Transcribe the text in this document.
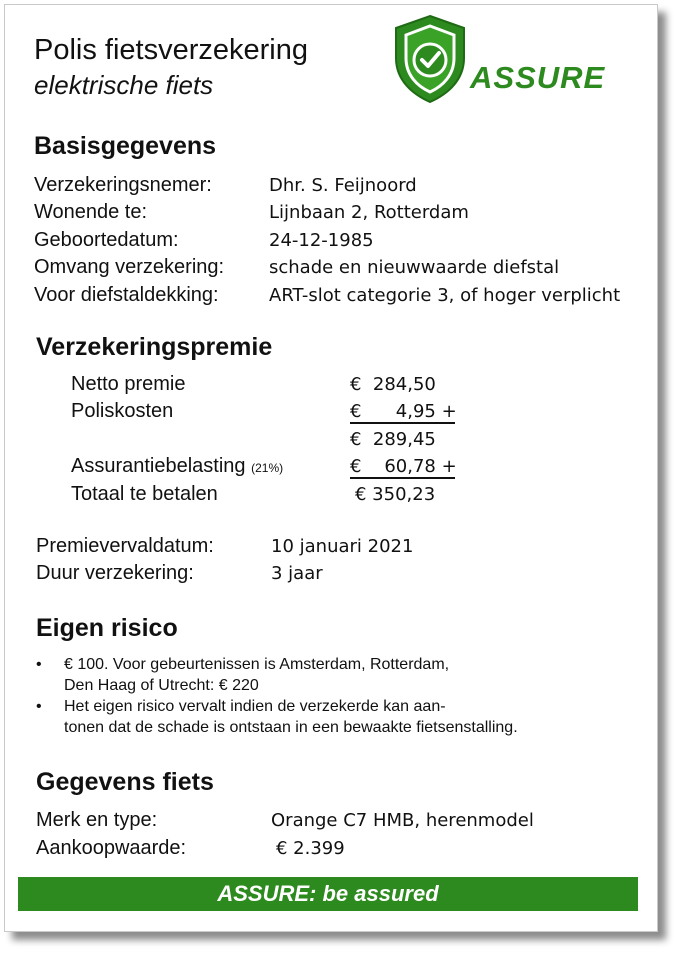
Polis fietsverzekering
elektrische fiets	ASSURE
Basisgegevens
Verzekeringsnemer:	Dhr. S. Feijnoord
Wonende te:	Lijnbaan 2, Rotterdam
Geboortedatum:	24-12-1985
Omvang verzekering: schade en nieuwwaarde diefstal
Voor diefstaldekking:	ART-slot categorie 3, of hoger verplicht
Verzekeringspremie
Netto premie	€  284,50
Poliskosten	€      4,95 +
€  289,45
Assurantiebelasting (21%)	€    60,78 +
Totaal te betalen	€ 350,23
Premievervaldatum:	10 januari 2021
Duur verzekering:	3 jaar
Eigen risico
• € 100. Voor gebeurtenissen is Amsterdam, Rotterdam,
Den Haag of Utrecht: € 220
• Het eigen risico vervalt indien de verzekerde kan aan-
tonen dat de schade is ontstaan in een bewaakte fietsenstalling.
Gegevens fiets
Merk en type:	Orange C7 HMB, herenmodel
Aankoopwaarde:	€ 2.399
ASSURE: be assured
